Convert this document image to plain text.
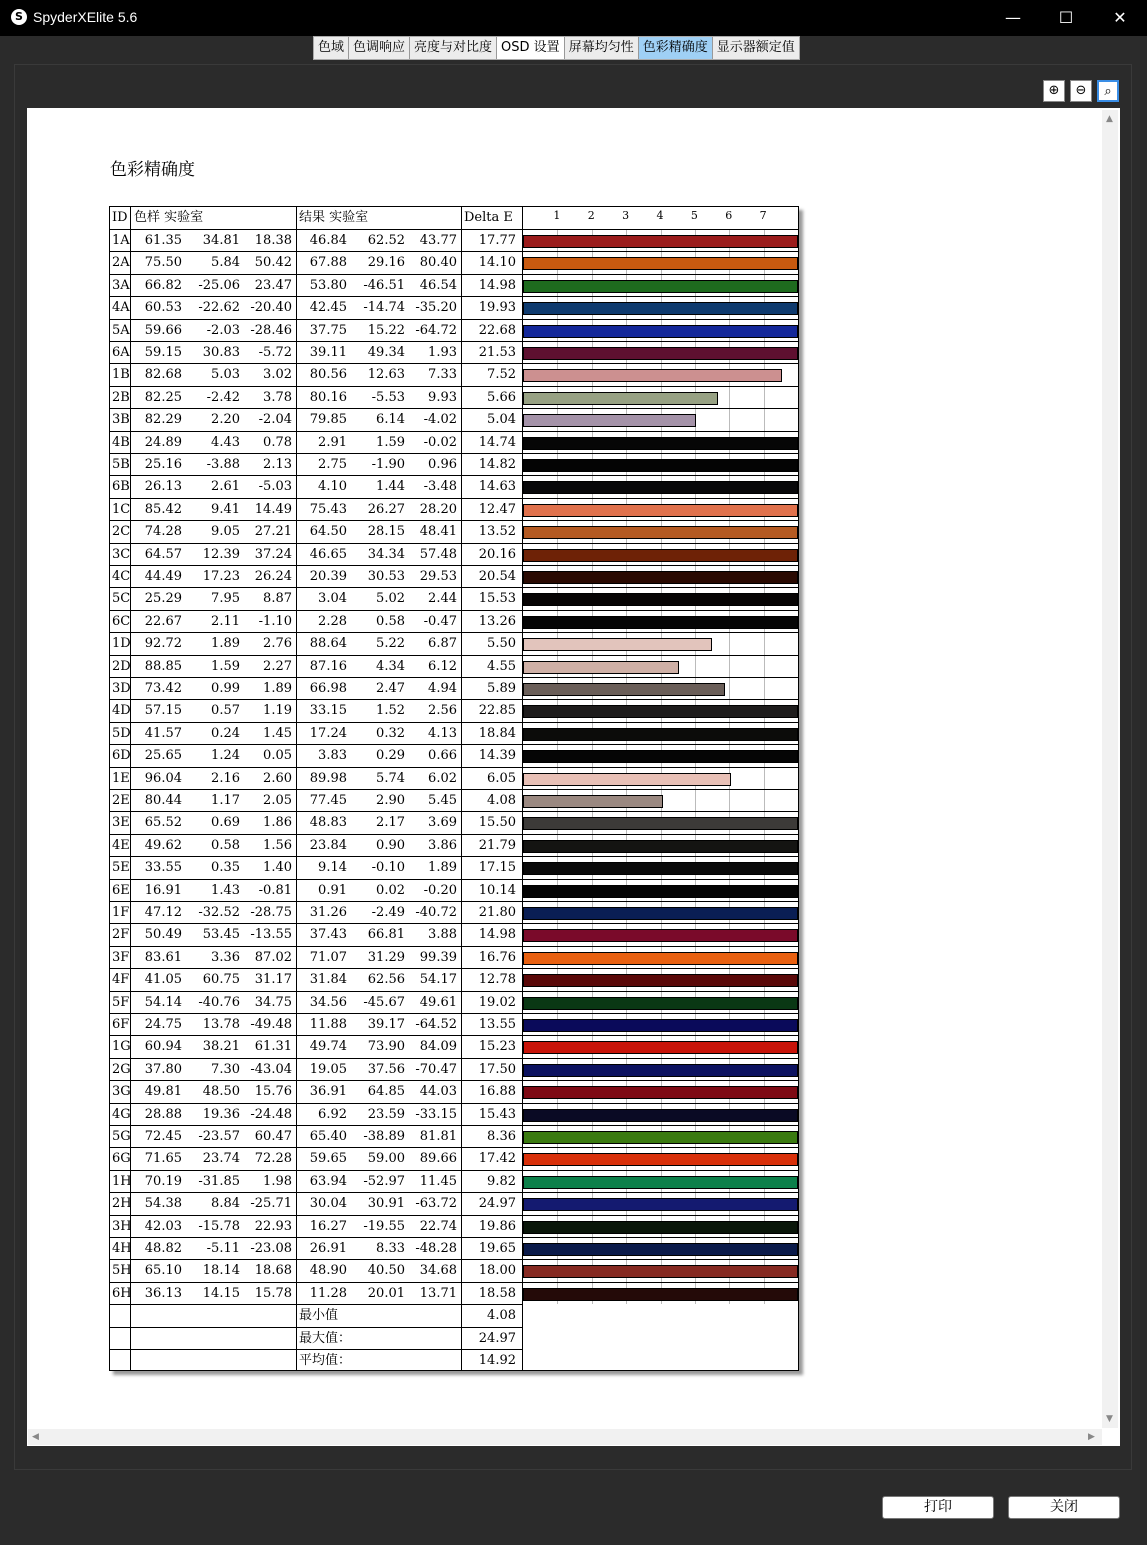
S SpyderXElite 5.6	—	☐	✕
色域 色调响应 亮度与对比度 OSD 设置 屏幕均匀性 色彩精确度 显示器额定值
⊕	⊖	⌕
▲
▼
◀	▶
色彩精确度
ID 色样 实验室	结果 实验室	Delta E	1 2 3 4 5 6 7
1A	61.35	34.81	18.38	46.84	62.52	43.77	17.77
2A	75.50	5.84	50.42	67.88	29.16	80.40	14.10
3A	66.82	-25.06	23.47	53.80	-46.51	46.54	14.98
4A	60.53	-22.62 -20.40	42.45	-14.74 -35.20	19.93
5A	59.66	-2.03 -28.46	37.75	15.22 -64.72	22.68
6A	59.15	30.83	-5.72	39.11	49.34	1.93	21.53
1B	82.68	5.03	3.02	80.56	12.63	7.33	7.52
2B	82.25	-2.42	3.78	80.16	-5.53	9.93	5.66
3B	82.29	2.20	-2.04	79.85	6.14	-4.02	5.04
4B	24.89	4.43	0.78	2.91	1.59	-0.02	14.74
5B	25.16	-3.88	2.13	2.75	-1.90	0.96	14.82
6B	26.13	2.61	-5.03	4.10	1.44	-3.48	14.63
1C	85.42	9.41	14.49	75.43	26.27	28.20	12.47
2C	74.28	9.05	27.21	64.50	28.15	48.41	13.52
3C	64.57	12.39	37.24	46.65	34.34	57.48	20.16
4C	44.49	17.23	26.24	20.39	30.53	29.53	20.54
5C	25.29	7.95	8.87	3.04	5.02	2.44	15.53
6C	22.67	2.11	-1.10	2.28	0.58	-0.47	13.26
1D	92.72	1.89	2.76	88.64	5.22	6.87	5.50
2D	88.85	1.59	2.27	87.16	4.34	6.12	4.55
3D	73.42	0.99	1.89	66.98	2.47	4.94	5.89
4D	57.15	0.57	1.19	33.15	1.52	2.56	22.85
5D	41.57	0.24	1.45	17.24	0.32	4.13	18.84
6D	25.65	1.24	0.05	3.83	0.29	0.66	14.39
1E	96.04	2.16	2.60	89.98	5.74	6.02	6.05
2E	80.44	1.17	2.05	77.45	2.90	5.45	4.08
3E	65.52	0.69	1.86	48.83	2.17	3.69	15.50
4E	49.62	0.58	1.56	23.84	0.90	3.86	21.79
5E	33.55	0.35	1.40	9.14	-0.10	1.89	17.15
6E	16.91	1.43	-0.81	0.91	0.02	-0.20	10.14
1F	47.12	-32.52 -28.75	31.26	-2.49 -40.72	21.80
2F	50.49	53.45 -13.55	37.43	66.81	3.88	14.98
3F	83.61	3.36	87.02	71.07	31.29	99.39	16.76
4F	41.05	60.75	31.17	31.84	62.56	54.17	12.78
5F	54.14	-40.76	34.75	34.56	-45.67	49.61	19.02
6F	24.75	13.78 -49.48	11.88	39.17 -64.52	13.55
1G	60.94	38.21	61.31	49.74	73.90	84.09	15.23
2G	37.80	7.30 -43.04	19.05	37.56 -70.47	17.50
3G	49.81	48.50	15.76	36.91	64.85	44.03	16.88
4G	28.88	19.36 -24.48	6.92	23.59 -33.15	15.43
5G	72.45	-23.57	60.47	65.40	-38.89	81.81	8.36
6G	71.65	23.74	72.28	59.65	59.00	89.66	17.42
1H	70.19	-31.85	1.98	63.94	-52.97	11.45	9.82
2H	54.38	8.84 -25.71	30.04	30.91 -63.72	24.97
3H	42.03	-15.78	22.93	16.27	-19.55	22.74	19.86
4H	48.82	-5.11 -23.08	26.91	8.33 -48.28	19.65
5H	65.10	18.14	18.68	48.90	40.50	34.68	18.00
6H	36.13	14.15	15.78	11.28	20.01	13.71	18.58
最小值	4.08
最大值：	24.97
平均值：	14.92
打印	关闭
